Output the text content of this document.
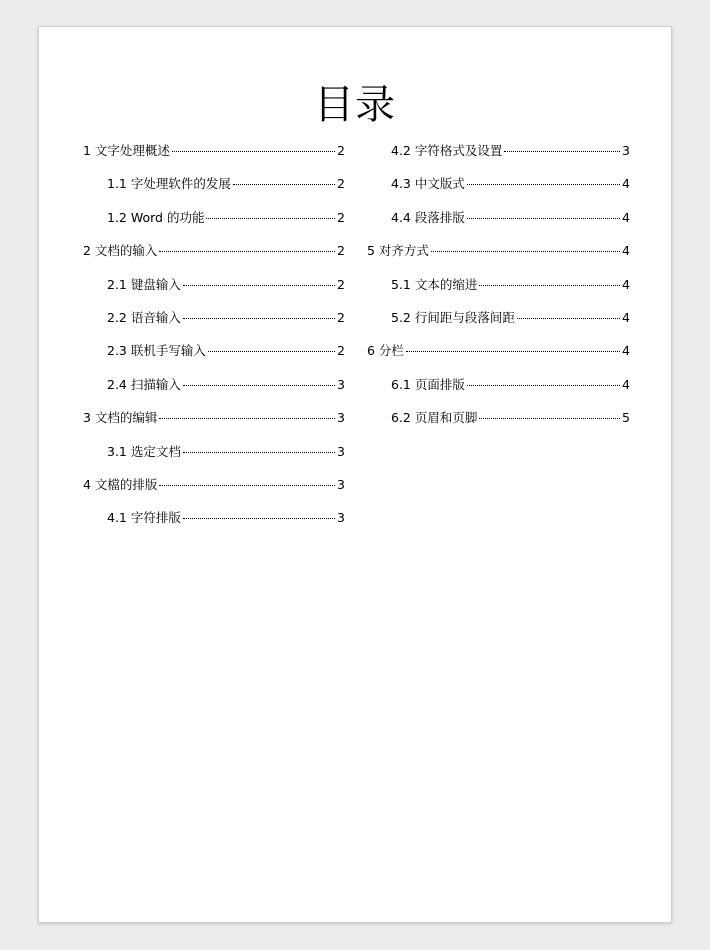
目录
1 文字处理概述	2
1.1 字处理软件的发展	2
1.2 Word 的功能	2
2 文档的输入	2
2.1 键盘输入	2
2.2 语音输入	2
2.3 联机手写输入	2
2.4 扫描输入	3
3 文档的编辑	3
3.1 选定文档	3
4 文檔的排版	3
4.1 字符排版	3
4.2 字符格式及设置	3
4.3 中文版式	4
4.4 段落排版	4
5 对齐方式	4
5.1 文本的缩进	4
5.2 行间距与段落间距	4
6 分栏	4
6.1 页面排版	4
6.2 页眉和页脚	5
